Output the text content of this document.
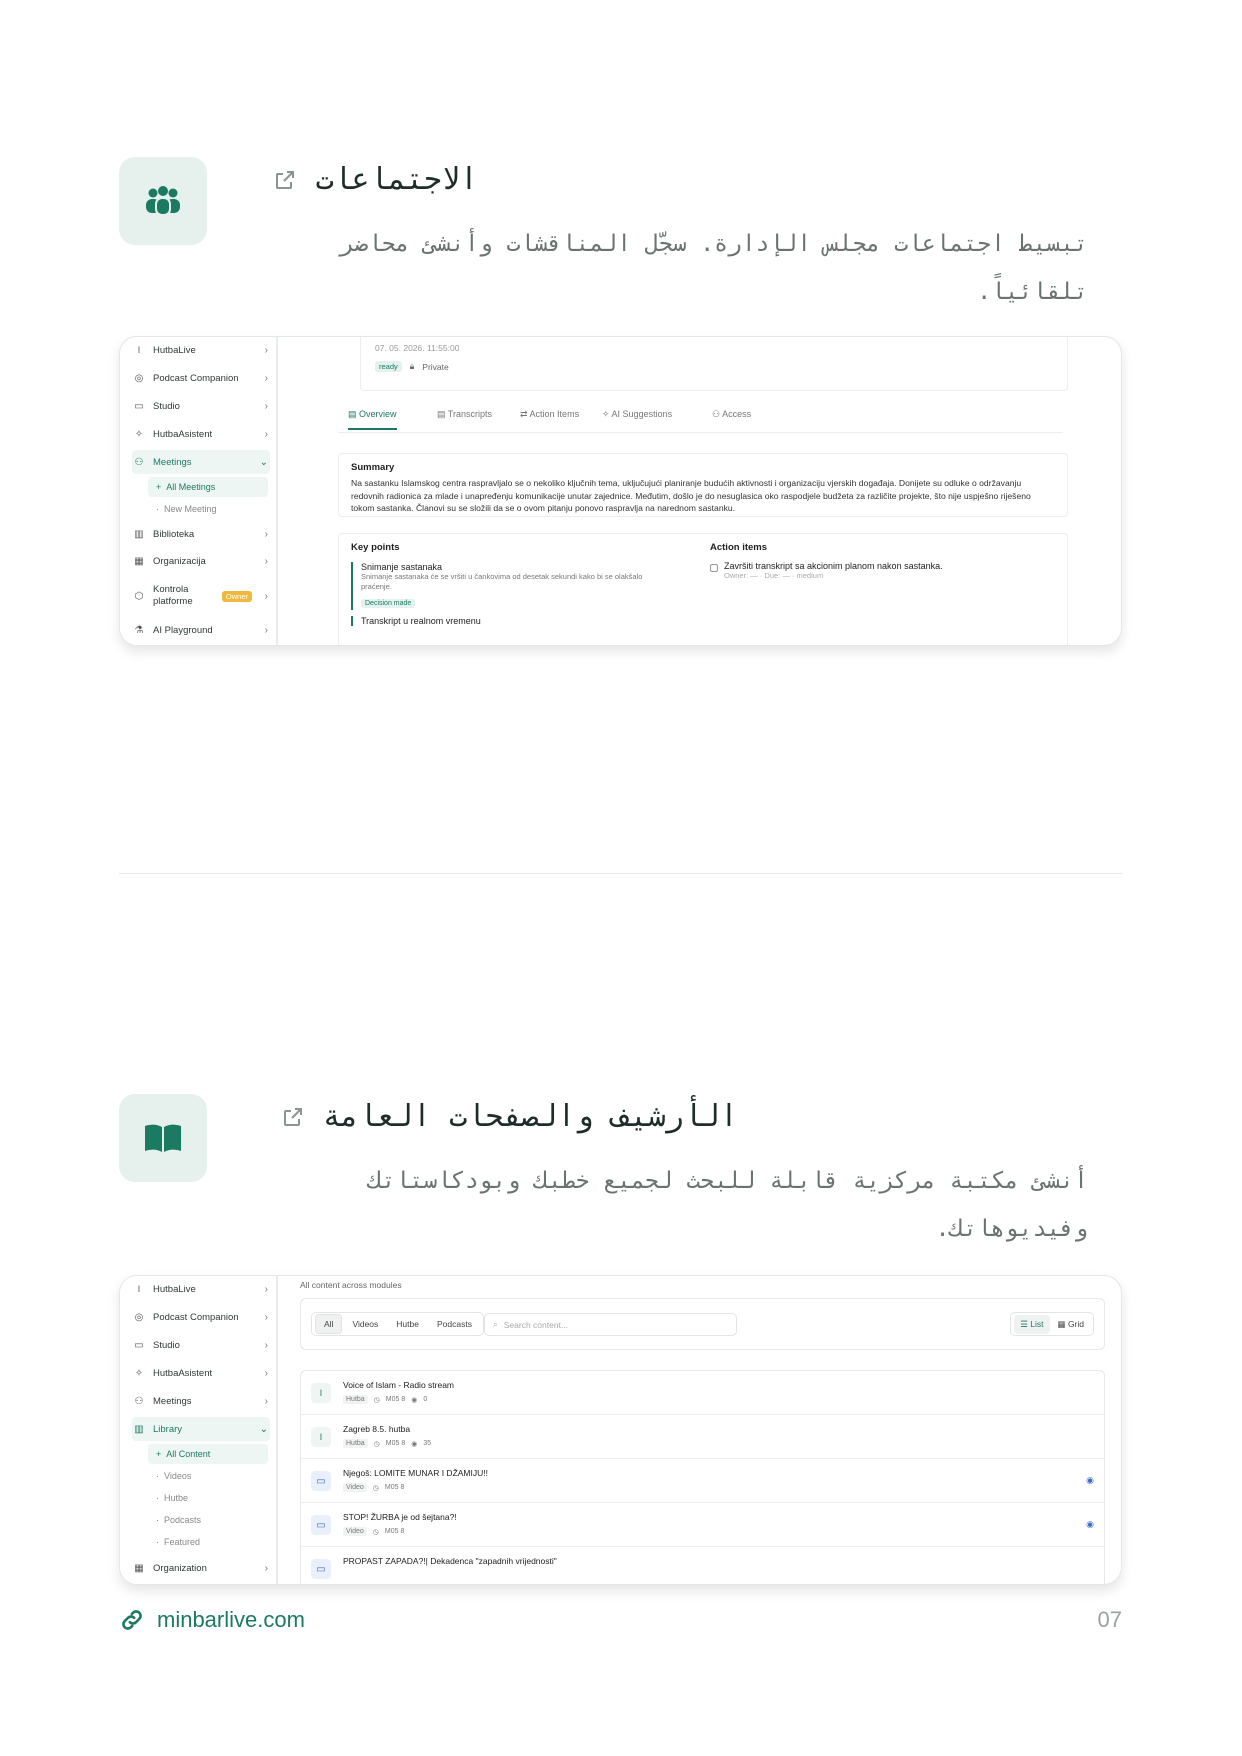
الاجتماعات
تبسيط اجتماعات مجلس الإدارة. سجّل المناقشات وأنشئ محاضر تلقائياً.
⏽	HutbaLive	›
◎ Podcast Companion	›
▭ Studio	›
✧ HutbaAsistent	›
⚇ Meetings	⌄
+ All Meetings
· New Meeting
▥ Biblioteka	›
▦ Organizacija	›
⬡
Kontrola platforme	Owner	›
⚗ AI Playground	›
07. 05. 2026. 11:55:00
ready	🔒︎ Private
▤ Overview	▤ Transcripts	⇄ Action Items	✧ AI Suggestions	⚇ Access
Summary
Na sastanku Islamskog centra raspravljalo se o nekoliko ključnih tema, uključujući planiranje budućih aktivnosti i organizaciju vjerskih događaja. Donijete su odluke o održavanju redovnih radionica za mlade i unapređenju komunikacije unutar zajednice. Međutim, došlo je do nesuglasica oko raspodjele budžeta za različite projekte, što nije uspješno riješeno tokom sastanka. Članovi su se složili da se o ovom pitanju ponovo raspravlja na narednom sastanku.
Key points
Snimanje sastanaka
Snimanje sastanaka će se vršiti u čankovima od desetak sekundi kako bi se olakšalo praćenje.
Decision made
Transkript u realnom vremenu
Action items
Završiti transkript sa akcionim planom nakon sastanka.
Owner: — · Due: — · medium
الأرشيف والصفحات العامة
أنشئ مكتبة مركزية قابلة للبحث لجميع خطبك وبودكاستاتك وفيديوهاتك.
⏽	HutbaLive	›
◎ Podcast Companion	›
▭ Studio	›
✧ HutbaAsistent	›
⚇ Meetings	›
▥ Library	⌄
+ All Content
· Videos
· Hutbe
· Podcasts
· Featured
▦ Organization	›
All content across modules
All	Videos	Hutbe	Podcasts	⌕ Search content...	☰ List	▦ Grid
⏽
Voice of Islam - Radio stream
Hutba	◷ M05 8 ◉ 0
⏽
Zagreb 8.5. hutba
Hutba	◷ M05 8 ◉ 35
▭
Njegoš: LOMITE MUNAR I DŽAMIJU!!
Video	◷ M05 8
◉
▭
STOP! ŽURBA je od šejtana?!
Video	◷ M05 8
◉
▭
PROPAST ZAPADA?!| Dekadenca "zapadnih vrijednosti"
minbarlive.com	07
